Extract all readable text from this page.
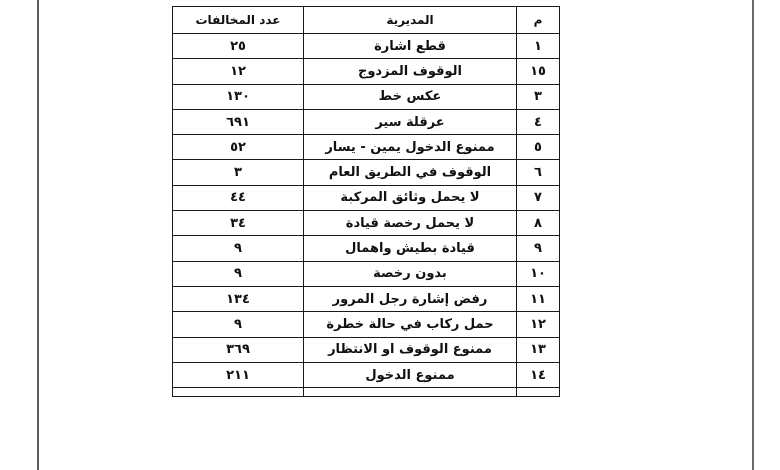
م	المديرية	عدد المخالفات
١	قطع اشارة	٢٥
١٥	الوقوف المزدوج	١٢
٣	عكس خط	١٣٠
٤	عرقلة سير	٦٩١
٥	ممنوع الدخول يمين - يسار	٥٢
٦	الوقوف في الطريق العام	٣
٧	لا يحمل وثائق المركبة	٤٤
٨	لا يحمل رخصة قيادة	٣٤
٩	قيادة بطيش واهمال	٩
١٠	بدون رخصة	٩
١١	رفض إشارة رجل المرور	١٣٤
١٢	حمل ركاب في حالة خطرة	٩
١٣	ممنوع الوقوف او الانتظار	٣٦٩
١٤	ممنوع الدخول	٢١١
